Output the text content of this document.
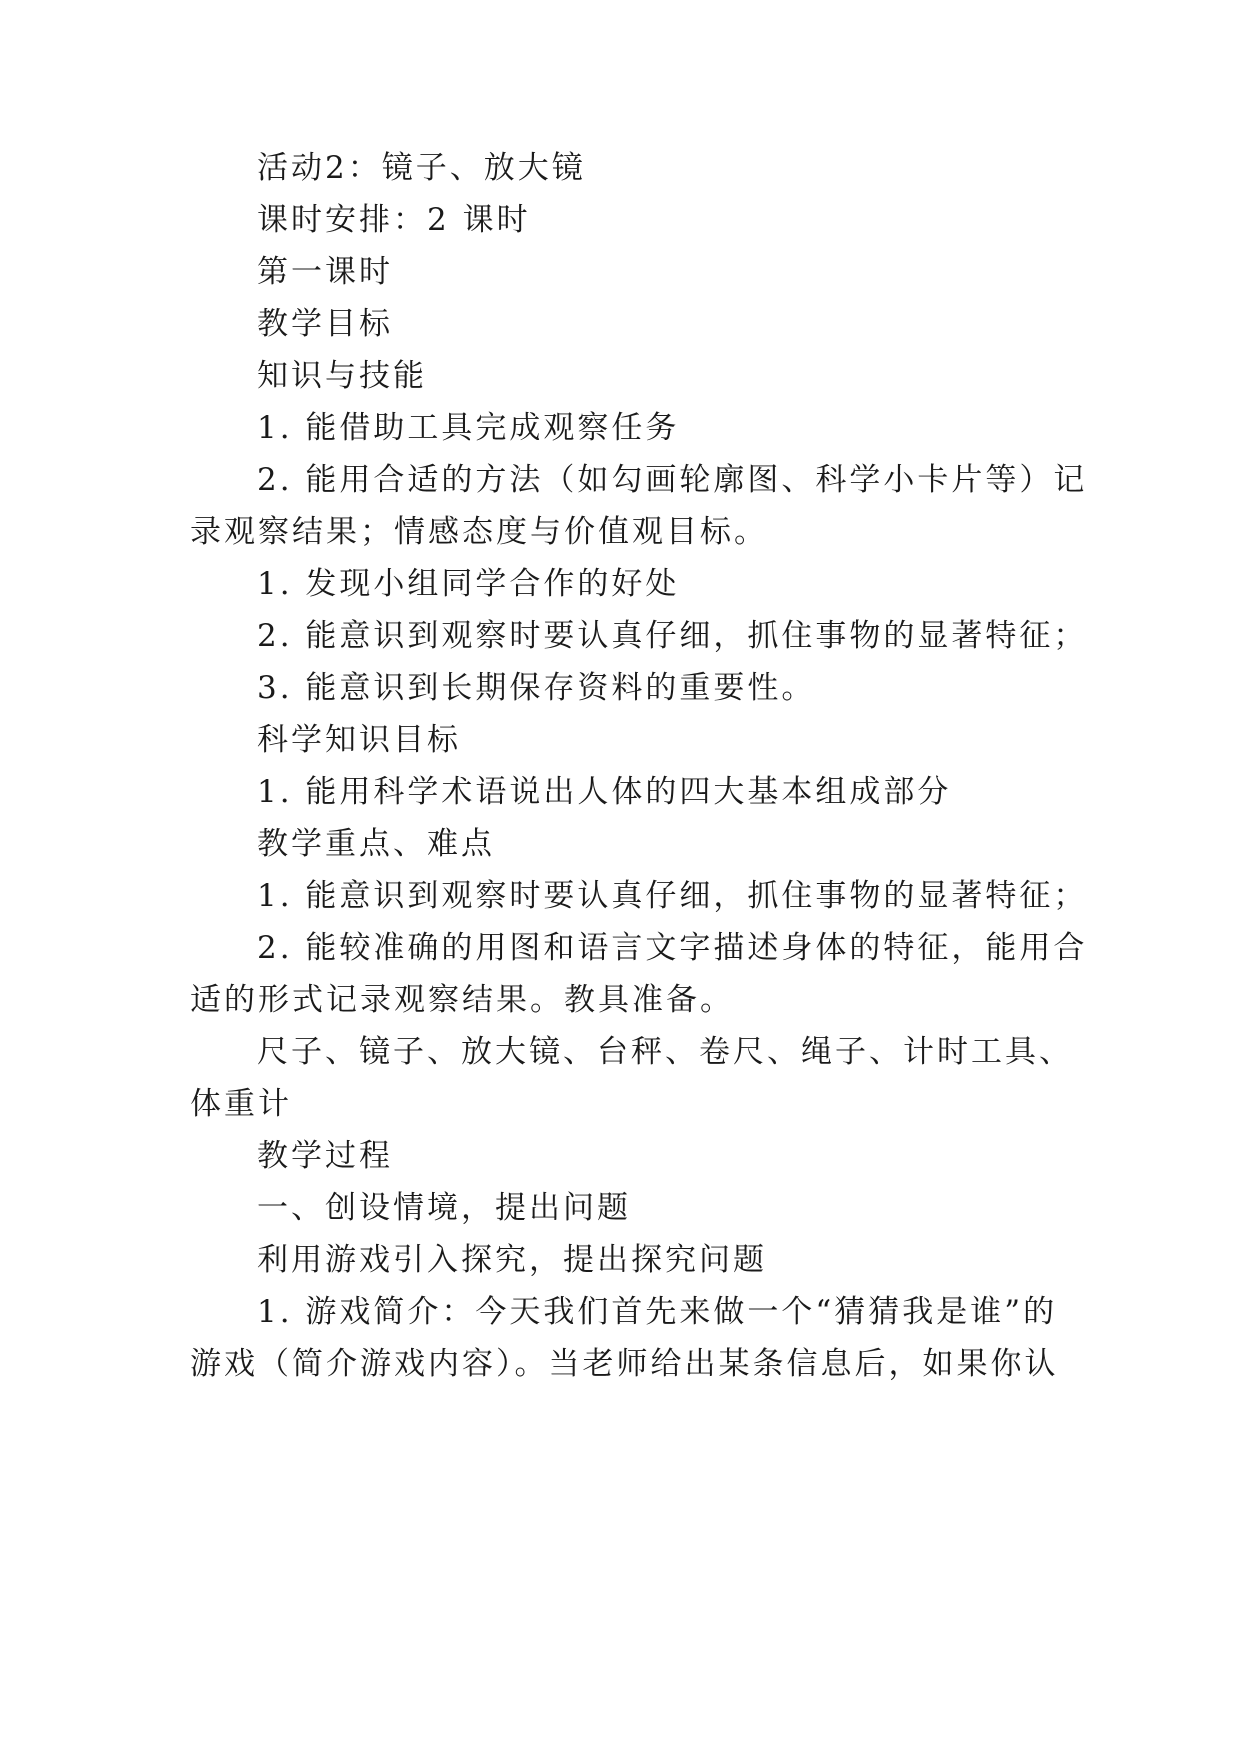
活动2：镜子、放大镜
课时安排：2 课时
第一课时
教学目标
知识与技能
1. 能借助工具完成观察任务
2. 能用合适的方法（如勾画轮廓图、科学小卡片等）记
录观察结果；情感态度与价值观目标。
1. 发现小组同学合作的好处
2. 能意识到观察时要认真仔细，抓住事物的显著特征；
3. 能意识到长期保存资料的重要性。
科学知识目标
1. 能用科学术语说出人体的四大基本组成部分
教学重点、难点
1. 能意识到观察时要认真仔细，抓住事物的显著特征；
2. 能较准确的用图和语言文字描述身体的特征，能用合
适的形式记录观察结果。教具准备。
尺子、镜子、放大镜、台秤、卷尺、绳子、计时工具、
体重计
教学过程
一、创设情境，提出问题
利用游戏引入探究，提出探究问题
1. 游戏简介：今天我们首先来做一个“猜猜我是谁”的
游戏（简介游戏内容）。当老师给出某条信息后，如果你认
